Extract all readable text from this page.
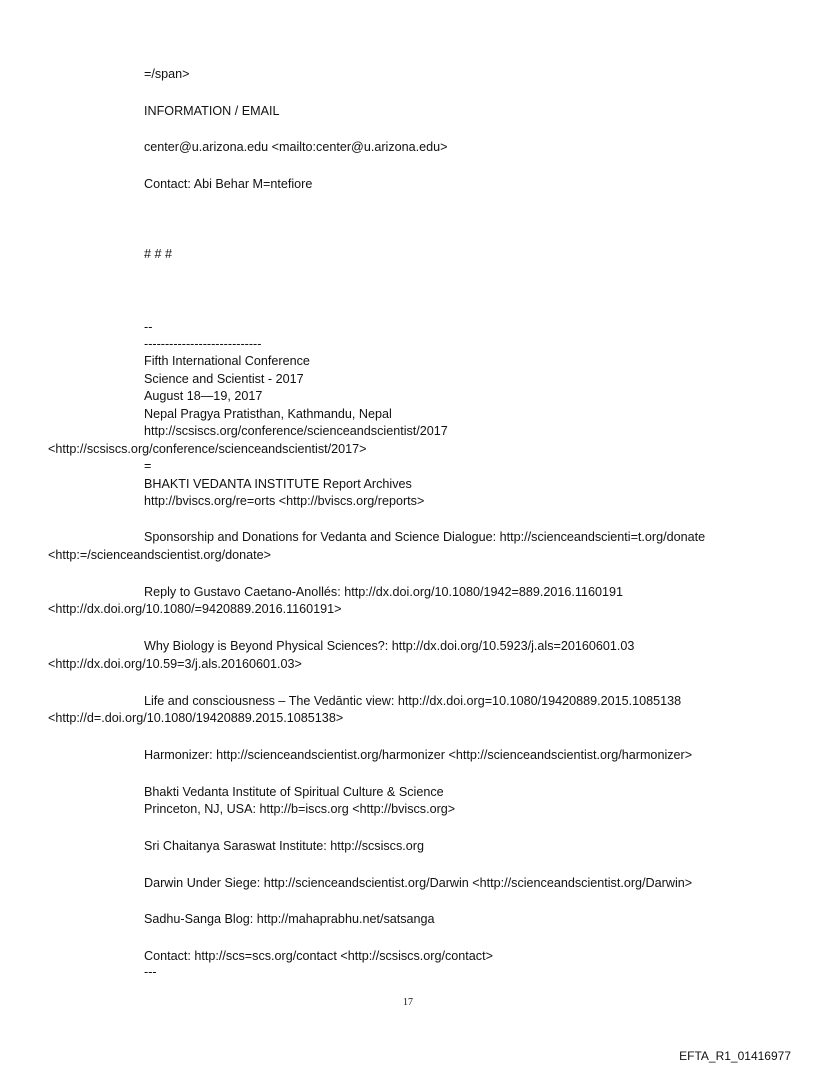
=/span>
INFORMATION / EMAIL
center@u.arizona.edu <mailto:center@u.arizona.edu>
Contact: Abi Behar M=ntefiore
# # #
--
----------------------------
Fifth International Conference
Science and Scientist - 2017
August 18—19, 2017
Nepal Pragya Pratisthan, Kathmandu, Nepal
http://scsiscs.org/conference/scienceandscientist/2017
<http://scsiscs.org/conference/scienceandscientist/2017>
=
BHAKTI VEDANTA INSTITUTE Report Archives
http://bviscs.org/re=orts <http://bviscs.org/reports>
Sponsorship and Donations for Vedanta and Science Dialogue: http://scienceandscienti=t.org/donate
<http:=/scienceandscientist.org/donate>
Reply to Gustavo Caetano-Anollés: http://dx.doi.org/10.1080/1942=889.2016.1160191
<http://dx.doi.org/10.1080/=9420889.2016.1160191>
Why Biology is Beyond Physical Sciences?: http://dx.doi.org/10.5923/j.als=20160601.03
<http://dx.doi.org/10.59=3/j.als.20160601.03>
Life and consciousness – The Vedāntic view: http://dx.doi.org=10.1080/19420889.2015.1085138
<http://d=.doi.org/10.1080/19420889.2015.1085138>
Harmonizer: http://scienceandscientist.org/harmonizer <http://scienceandscientist.org/harmonizer>
Bhakti Vedanta Institute of Spiritual Culture & Science
Princeton, NJ, USA: http://b=iscs.org <http://bviscs.org>
Sri Chaitanya Saraswat Institute: http://scsiscs.org
Darwin Under Siege: http://scienceandscientist.org/Darwin <http://scienceandscientist.org/Darwin>
Sadhu-Sanga Blog: http://mahaprabhu.net/satsanga
Contact: http://scs=scs.org/contact <http://scsiscs.org/contact>
---
17
EFTA_R1_01416977
